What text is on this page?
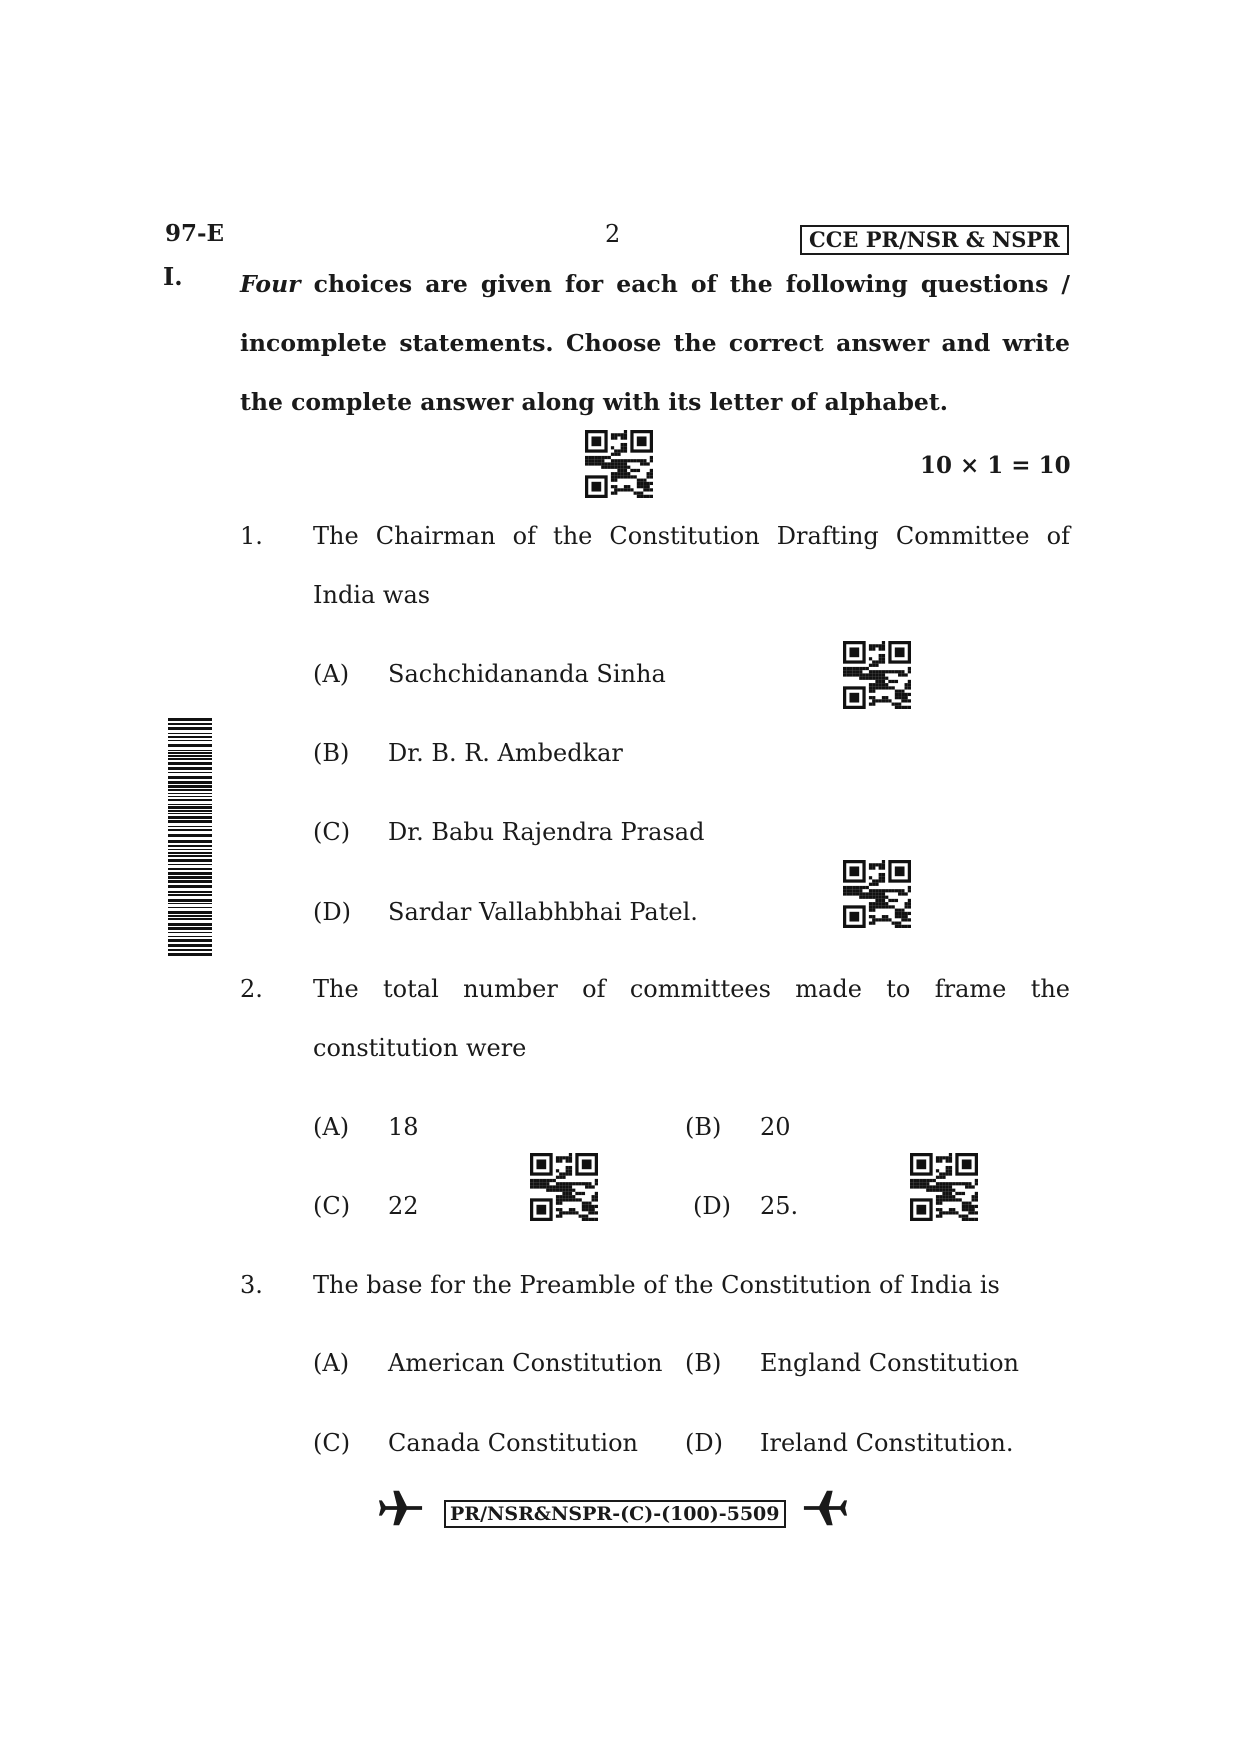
97-E	2	CCE PR/NSR & NSPR
I. Four choices are given for each of the following questions /
incomplete statements. Choose the correct answer and write
the complete answer along with its letter of alphabet.
10 × 1 = 10
1. The Chairman of the Constitution Drafting Committee of
India was
(A) Sachchidananda Sinha
(B) Dr. B. R. Ambedkar
(C) Dr. Babu Rajendra Prasad
(D) Sardar Vallabhbhai Patel.
2. The total number of committees made to frame the
constitution were
(A) 18	(B) 20
(C) 22	(D) 25.
3. The base for the Preamble of the Constitution of India is
(A) American Constitution (B) England Constitution
(C) Canada Constitution (D) Ireland Constitution.
PR/NSR&NSPR-(C)-(100)-5509
